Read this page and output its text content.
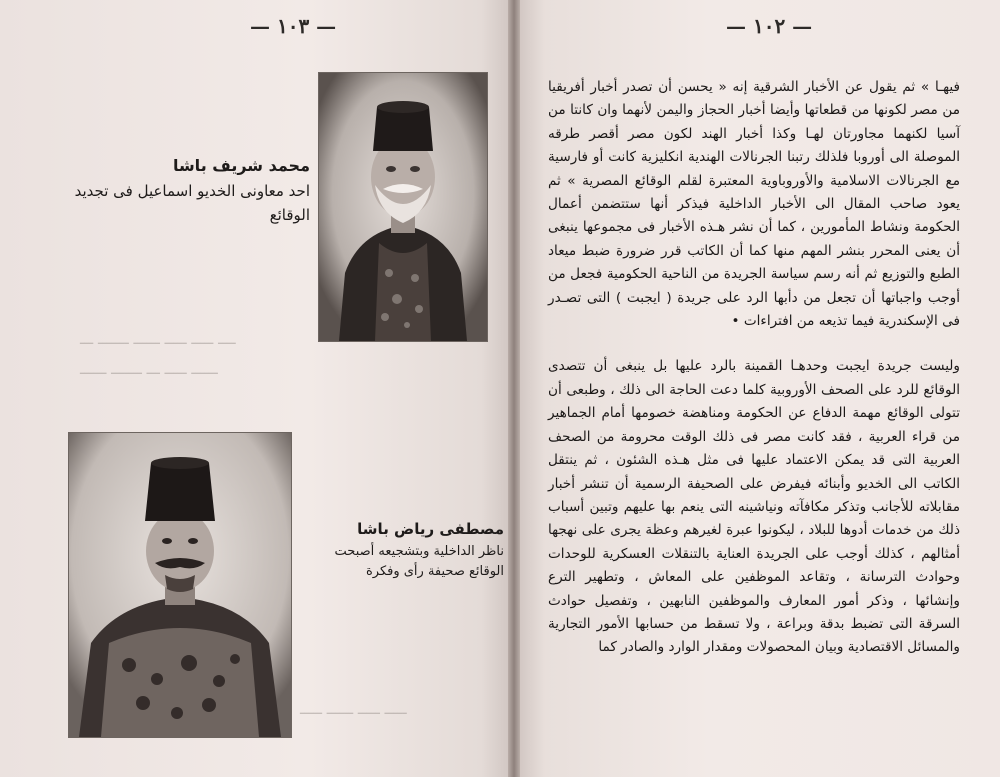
— ١٠٣ —
ــــ ـــــ ـــــ ــــــ ـــــــ ـــ
ــــــ ـــــ ـــ ـــــــ ــــــ
ـــــ ـــــ ــــــ ـــــ
محمد شريف باشا
احد معاونى الخديو اسماعيل فى تجديد الوقائع
مصطفى رياض باشا
ناظر الداخلية وبتشجيعه أصبحت الوقائع صحيفة رأى وفكرة
— ١٠٢ —

فيهـا » ثم يقول عن الأخبار الشرقية إنه « يحسن أن تصدر أخبار أفريقيا من مصر لكونها من قطعاتها وأيضا أخبار الحجاز واليمن لأنهما وان كانتا من آسيا لكنهما مجاورتان لهـا وكذا أخبار الهند لكون مصر أقصر طرقه الموصلة الى أوروبا فلذلك رتبنا الجرنالات الهندية انكليزية كانت أو فارسية مع الجرنالات الاسلامية والأوروباوية المعتبرة لقلم الوقائع المصرية » ثم يعود صاحب المقال الى الأخبار الداخلية فيذكر أنها ستتضمن أعمال الحكومة ونشاط المأمورين ، كما أن نشر هـذه الأخبار فى مجموعها ينبغى أن يعنى المحرر بنشر المهم منها كما أن الكاتب قرر ضرورة ضبط ميعاد الطبع والتوزيع ثم أنه رسم سياسة الجريدة من الناحية الحكومية فجعل من أوجب واجباتها أن تجعل من دأبها الرد على جريدة ( ايجبت ) التى تصـدر فى الإسكندرية فيما تذيعه من افتراءات •

وليست جريدة ايجبت وحدهـا القمينة بالرد عليها بل ينبغى أن تتصدى الوقائع للرد على الصحف الأوروبية كلما دعت الحاجة الى ذلك ، وطبعى أن تتولى الوقائع مهمة الدفاع عن الحكومة ومناهضة خصومها أمام الجماهير من قراء العربية ، فقد كانت مصر فى ذلك الوقت محرومة من الصحف العربية التى قد يمكن الاعتماد عليها فى مثل هـذه الشئون ، ثم ينتقل الكاتب الى الخديو وأبنائه فيفرض على الصحيفة الرسمية أن تنشر أخبار مقابلاته للأجانب وتذكر مكافآته ونياشينه التى ينعم بها عليهم وتبين أسباب ذلك من خدمات أدوها للبلاد ، ليكونوا عبرة لغيرهم وعظة يجرى على نهجها أمثالهم ، كذلك أوجب على الجريدة العناية بالتنقلات العسكرية للوحدات وحوادث الترسانة ، وتقاعد الموظفين على المعاش ، وتطهير الترع وإنشائها ، وذكر أمور المعارف والموظفين النابهين ، وتفصيل حوادث السرقة التى تضبط بدقة وبراعة ، ولا تسقط من حسابها الأمور التجارية والمسائل الاقتصادية وبيان المحصولات ومقدار الوارد والصادر كما
